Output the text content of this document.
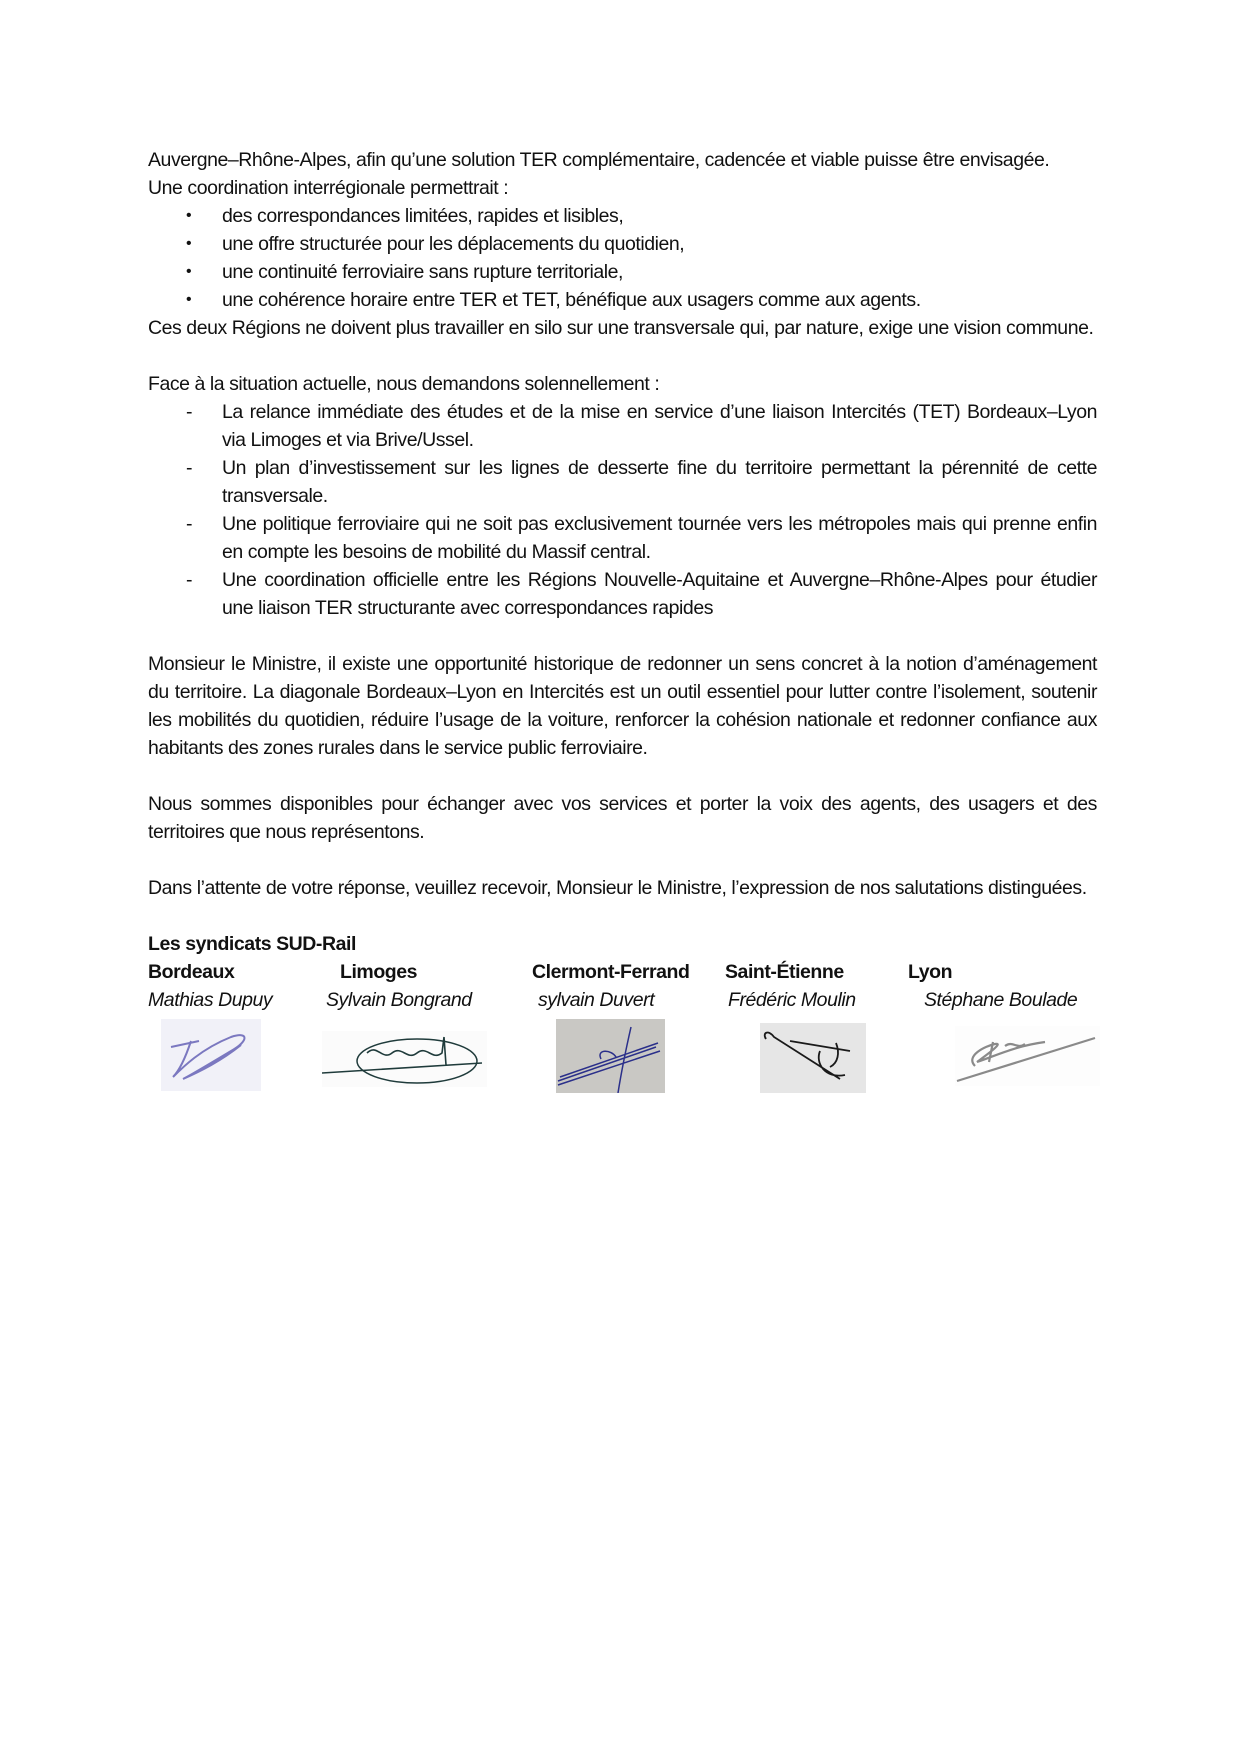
Auvergne–Rhône-Alpes, afin qu’une solution TER complémentaire, cadencée et viable puisse être envisagée.

Une coordination interrégionale permettrait :

• des correspondances limitées, rapides et lisibles,
• une offre structurée pour les déplacements du quotidien,
• une continuité ferroviaire sans rupture territoriale,
• une cohérence horaire entre TER et TET, bénéfique aux usagers comme aux agents.

Ces deux Régions ne doivent plus travailler en silo sur une transversale qui, par nature, exige une vision commune.

Face à la situation actuelle, nous demandons solennellement :

- La relance immédiate des études et de la mise en service d’une liaison Intercités (TET) Bordeaux–Lyon via Limoges et via Brive/Ussel.
- Un plan d’investissement sur les lignes de desserte fine du territoire permettant la pérennité de cette transversale.
- Une politique ferroviaire qui ne soit pas exclusivement tournée vers les métropoles mais qui prenne enfin en compte les besoins de mobilité du Massif central.
- Une coordination officielle entre les Régions Nouvelle-Aquitaine et Auvergne–Rhône-Alpes pour étudier une liaison TER structurante avec correspondances rapides

Monsieur le Ministre, il existe une opportunité historique de redonner un sens concret à la notion d’aménagement du territoire. La diagonale Bordeaux–Lyon en Intercités est un outil essentiel pour lutter contre l’isolement, soutenir les mobilités du quotidien, réduire l’usage de la voiture, renforcer la cohésion nationale et redonner confiance aux habitants des zones rurales dans le service public ferroviaire.

Nous sommes disponibles pour échanger avec vos services et porter la voix des agents, des usagers et des territoires que nous représentons.

Dans l’attente de votre réponse, veuillez recevoir, Monsieur le Ministre, l’expression de nos salutations distinguées.

Les syndicats SUD-Rail
Bordeaux	Limoges	Clermont-Ferrand Saint-Étienne	Lyon
Mathias Dupuy	Sylvain Bongrand	sylvain Duvert	Frédéric Moulin	Stéphane Boulade
